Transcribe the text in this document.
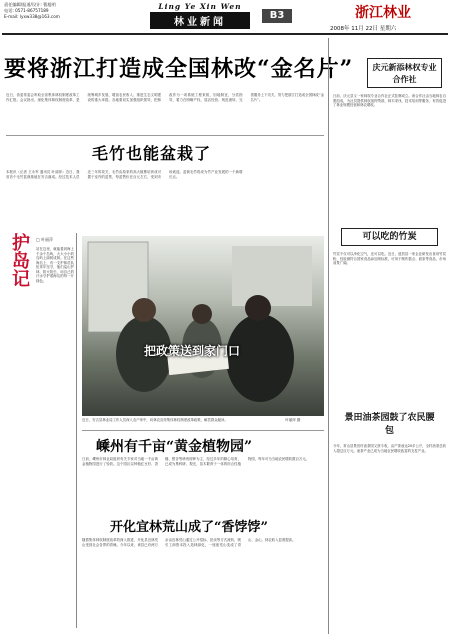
责任编辑/报道/设计: 曹旭明
电话: 0571-86757189
E-mail: lyxw338@163.com
Ling Ye Xin Wen
林业新闻
B3	浙江林业
2008年 11月 22日 星期六
要将浙江打造成全国林改“金名片”
近日，省委常委会听取全省集体林权制度改革工作汇报。会议指出，深化集体林权制度改革，是统筹城乡发展、增加农民收入、推进生态文明建设的重大举措。各地要切实加强组织领导，把林改作为一项系统工程来抓，因地制宜，分类指导，着力在明晰产权、放活经营、规范流转、完善服务上下功夫，努力把浙江打造成全国林改“金名片”。
毛竹也能盆栽了
本报讯（记者 王永军 通讯员 叶丽萍）近日，我省首个毛竹盆栽基地在安吉落成。经过技术人员近三年的攻关，毛竹由原来的高大植株培育成可置于室内的盆景，每盆售价在百元左右，受到市场欢迎。盆栽毛竹将成为竹产业发展的一个新增长点。
护岛记	□ 叶丽萍
站在这里，就能看到海上千余个岛屿，大大小小的岛屿上绿树成荫。在这些海岛上，有一支护林员队伍常年坚守，他们巡山护林，防火防虫，用自己的汗水守护着海岛的每一片绿色。
把政策送到家门口
近日，安吉县林业局工作人员深入农户家中，向林农宣传集体林权制度改革政策，解答群众疑问。	叶丽萍 摄
嵊州有千亩“黄金植物园”
日前，嵊州市林业局组织有关专家对当地一千亩黄金植物园进行了验收。这个园区以种植红豆杉、香榧、银杏等珍贵树种为主，经过多年的精心培育，已成为集科研、观光、苗木繁育于一体的综合性植物园，每年可为当地农民增收数百万元。
开化宜林荒山成了“香饽饽”
随着集体林权制度改革的深入推进，开化县宜林荒山受到社会各界的青睐。今年以来，该县已有两万余亩宜林荒山通过公开招标、拍卖等方式流转，吸引工商资本投入造林绿化，一座座荒山变成了青山、金山，林农收入显著提高。
庆元新添林权专业合作社
日前，庆元县又一家林权专业合作社正式挂牌成立。该合作社由当地林农自愿组成，为社员提供林权抵押贷款、林木采伐、技术培训等服务，有效促进了林业规模经营和林农增收。
可以吃的竹炭
竹炭不仅可以净化空气，还可以吃。近日，遂昌县一家企业研发出食用竹炭粉，经检测符合国家食品添加剂标准，可用于制作糕点、面条等食品，市场前景广阔。
景田油茶园鼓了农民腰包
今年，常山县景田村油茶园又获丰收，亩产茶油达20多公斤，全村油茶总收入超过百万元。油茶产业已成为当地农民增收致富的支柱产业。
